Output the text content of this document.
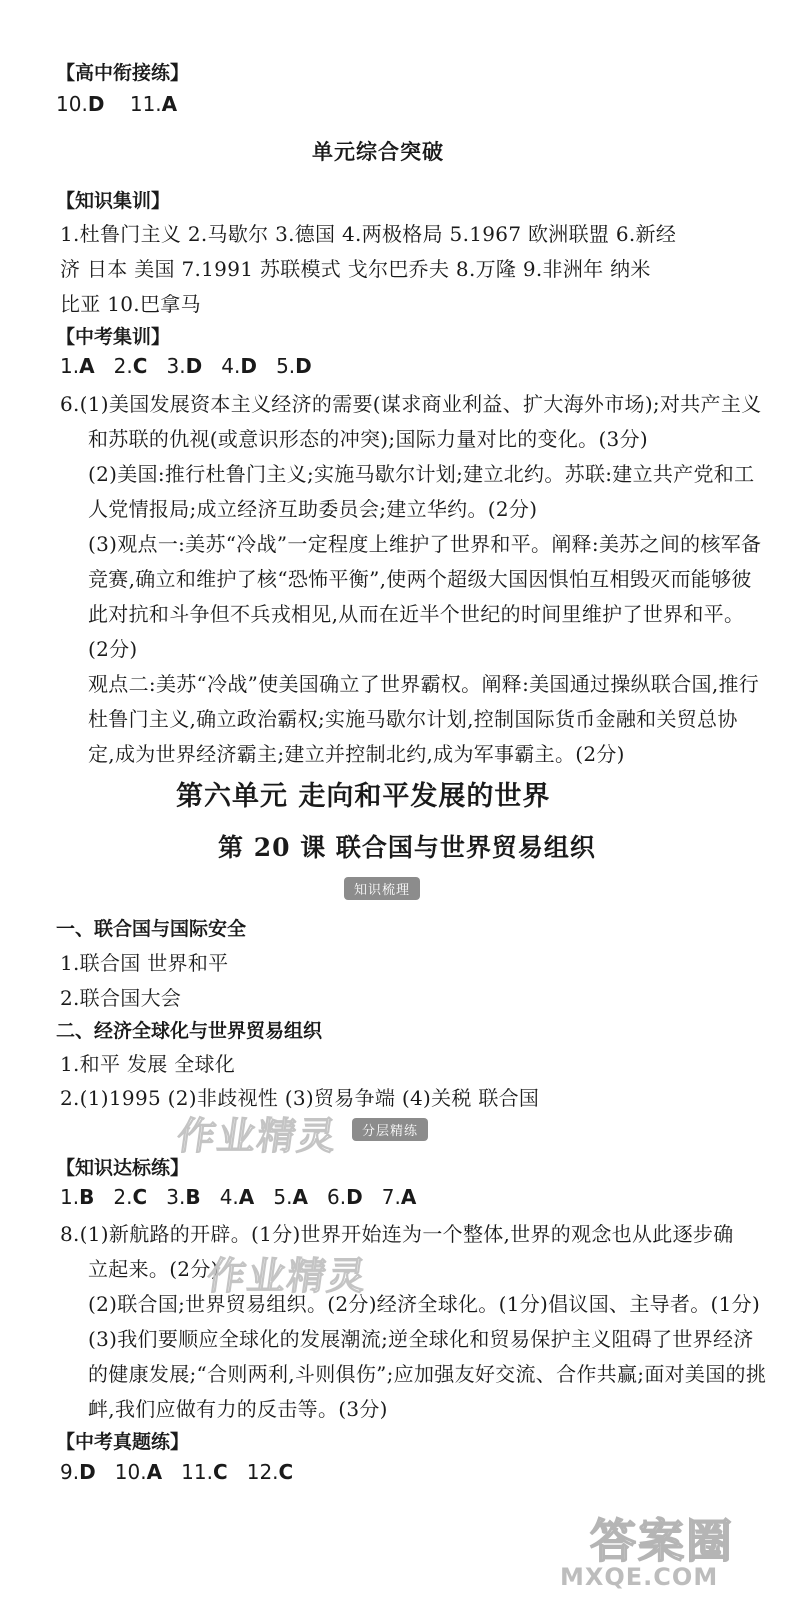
【高中衔接练】
10.D 11.A
单元综合突破
【知识集训】
1.杜鲁门主义 2.马歇尔 3.德国 4.两极格局 5.1967 欧洲联盟 6.新经
济 日本 美国 7.1991 苏联模式 戈尔巴乔夫 8.万隆 9.非洲年 纳米
比亚 10.巴拿马
【中考集训】
1.A 2.C 3.D 4.D 5.D
6.(1)美国发展资本主义经济的需要(谋求商业利益、扩大海外市场);对共产主义
和苏联的仇视(或意识形态的冲突);国际力量对比的变化。(3分)
(2)美国:推行杜鲁门主义;实施马歇尔计划;建立北约。苏联:建立共产党和工
人党情报局;成立经济互助委员会;建立华约。(2分)
(3)观点一:美苏“冷战”一定程度上维护了世界和平。阐释:美苏之间的核军备
竞赛,确立和维护了核“恐怖平衡”,使两个超级大国因惧怕互相毁灭而能够彼
此对抗和斗争但不兵戎相见,从而在近半个世纪的时间里维护了世界和平。
(2分)
观点二:美苏“冷战”使美国确立了世界霸权。阐释:美国通过操纵联合国,推行
杜鲁门主义,确立政治霸权;实施马歇尔计划,控制国际货币金融和关贸总协
定,成为世界经济霸主;建立并控制北约,成为军事霸主。(2分)
第六单元 走向和平发展的世界
第 20 课 联合国与世界贸易组织
知识梳理
一、联合国与国际安全
1.联合国 世界和平
2.联合国大会
二、经济全球化与世界贸易组织
1.和平 发展 全球化
2.(1)1995 (2)非歧视性 (3)贸易争端 (4)关税 联合国
作业精灵	分层精练
【知识达标练】
1.B 2.C 3.B 4.A 5.A 6.D 7.A
8.(1)新航路的开辟。(1分)世界开始连为一个整体,世界的观念也从此逐步确
立起来。(2分)
(2)联合国;世界贸易组织。(2分)经济全球化。(1分)倡议国、主导者。(1分)
(3)我们要顺应全球化的发展潮流;逆全球化和贸易保护主义阻碍了世界经济
的健康发展;“合则两利,斗则俱伤”;应加强友好交流、合作共赢;面对美国的挑
衅,我们应做有力的反击等。(3分)
作业精灵
【中考真题练】
9.D 10.A 11.C 12.C
答案圈
MXQE.COM
